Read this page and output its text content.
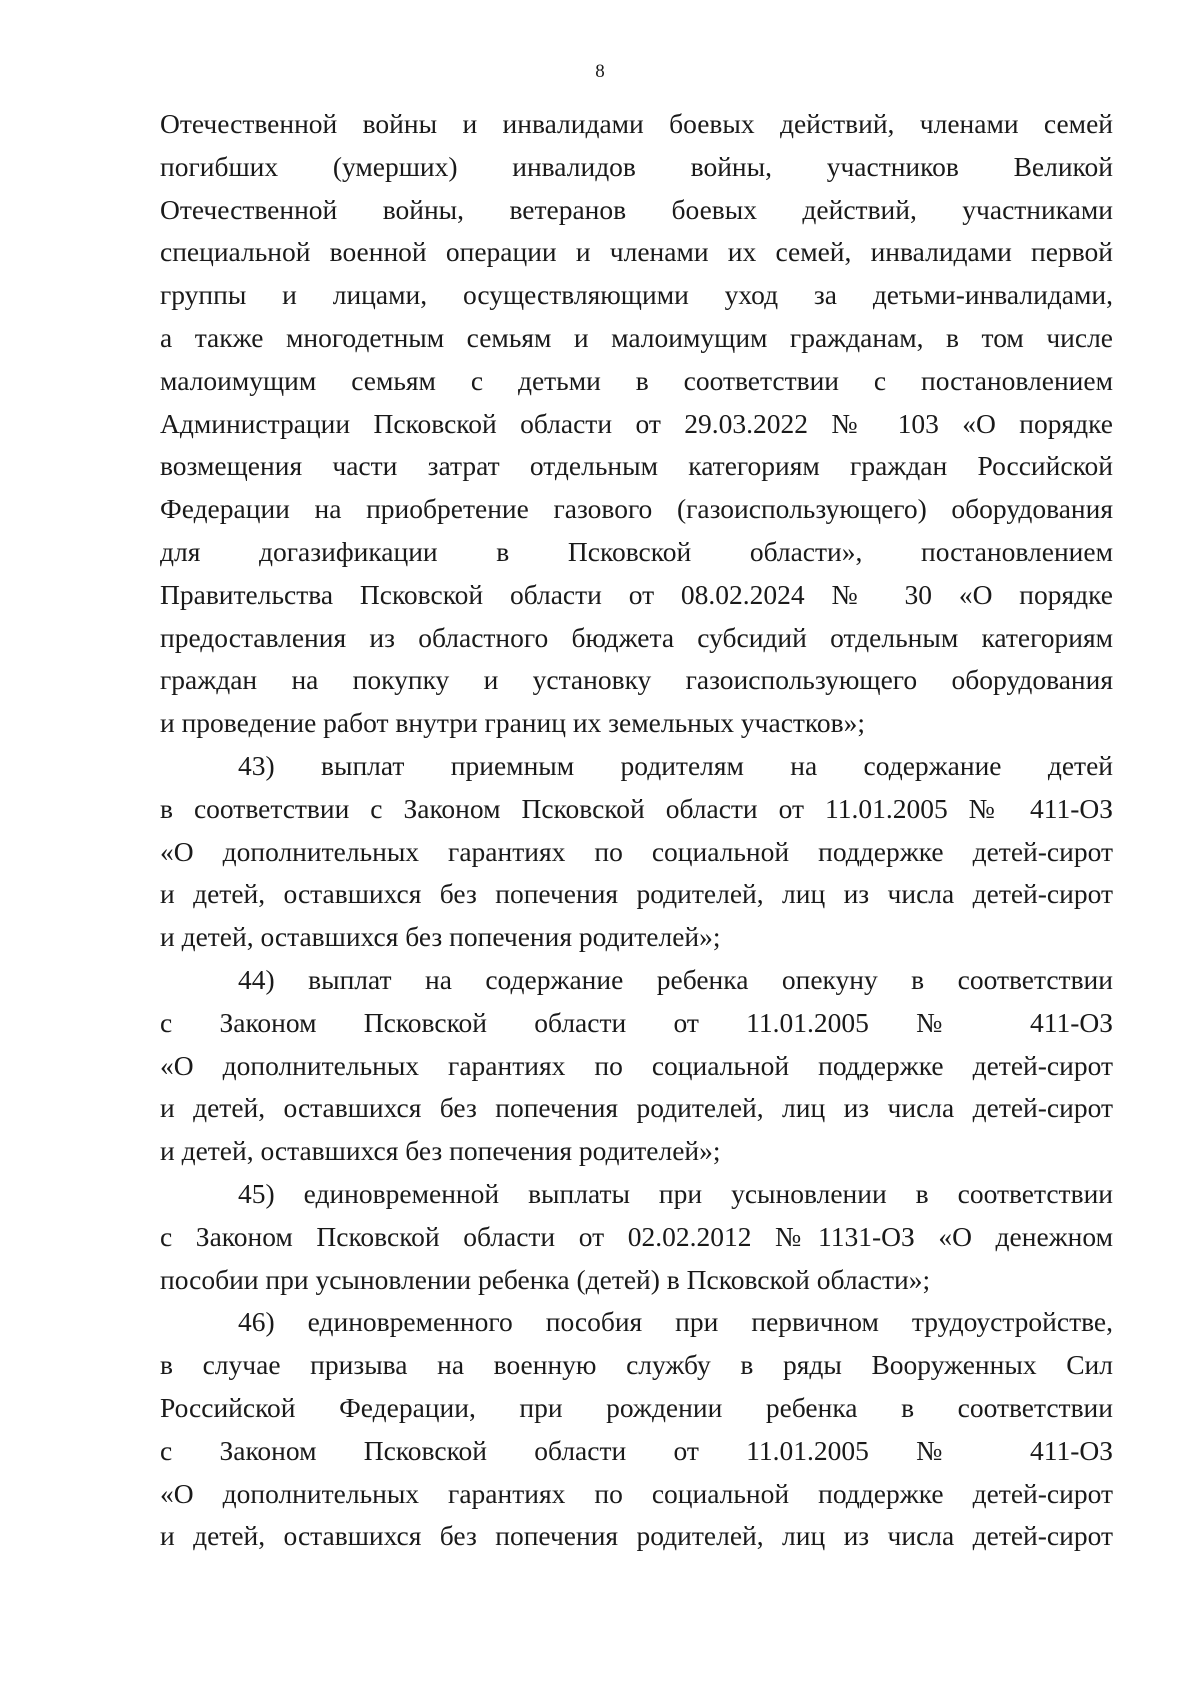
8
Отечественной войны и инвалидами боевых действий, членами семей
погибших (умерших) инвалидов войны, участников Великой
Отечественной войны, ветеранов боевых действий, участниками
специальной военной операции и членами их семей, инвалидами первой
группы и лицами, осуществляющими уход за детьми-инвалидами,
а также многодетным семьям и малоимущим гражданам, в том числе
малоимущим семьям с детьми в соответствии с постановлением
Администрации Псковской области от 29.03.2022 № 103 «О порядке
возмещения части затрат отдельным категориям граждан Российской
Федерации на приобретение газового (газоиспользующего) оборудования
для догазификации в Псковской области», постановлением
Правительства Псковской области от 08.02.2024 № 30 «О порядке
предоставления из областного бюджета субсидий отдельным категориям
граждан на покупку и установку газоиспользующего оборудования
и проведение работ внутри границ их земельных участков»;
43) выплат приемным родителям на содержание детей
в соответствии с Законом Псковской области от 11.01.2005 № 411-ОЗ
«О дополнительных гарантиях по социальной поддержке детей-сирот
и детей, оставшихся без попечения родителей, лиц из числа детей-сирот
и детей, оставшихся без попечения родителей»;
44) выплат на содержание ребенка опекуну в соответствии
с Законом Псковской области от 11.01.2005 № 411-ОЗ
«О дополнительных гарантиях по социальной поддержке детей-сирот
и детей, оставшихся без попечения родителей, лиц из числа детей-сирот
и детей, оставшихся без попечения родителей»;
45) единовременной выплаты при усыновлении в соответствии
с Законом Псковской области от 02.02.2012 №1131-ОЗ «О денежном
пособии при усыновлении ребенка (детей) в Псковской области»;
46) единовременного пособия при первичном трудоустройстве,
в случае призыва на военную службу в ряды Вооруженных Сил
Российской Федерации, при рождении ребенка в соответствии
с Законом Псковской области от 11.01.2005 № 411-ОЗ
«О дополнительных гарантиях по социальной поддержке детей-сирот
и детей, оставшихся без попечения родителей, лиц из числа детей-сирот
